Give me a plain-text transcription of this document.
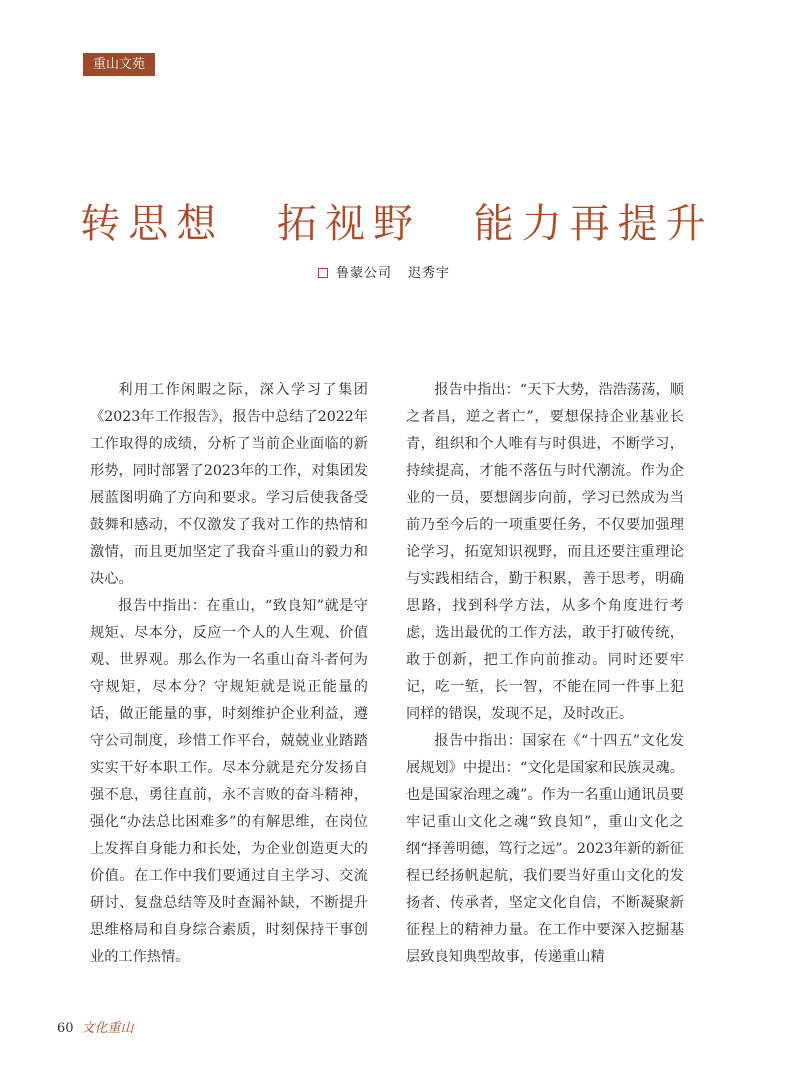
重山文苑
转思想 拓视野 能力再提升
鲁蒙公司 迟秀宇

利用工作闲暇之际，深入学习了集团《2023年工作报告》，报告中总结了2022年工作取得的成绩，分析了当前企业面临的新形势，同时部署了2023年的工作，对集团发展蓝图明确了方向和要求。学习后使我备受鼓舞和感动，不仅激发了我对工作的热情和激情，而且更加坚定了我奋斗重山的毅力和决心。

报告中指出：在重山，“致良知”就是守规矩、尽本分，反应一个人的人生观、价值观、世界观。那么作为一名重山奋斗者何为守规矩，尽本分？守规矩就是说正能量的话，做正能量的事，时刻维护企业利益，遵守公司制度，珍惜工作平台，兢兢业业踏踏实实干好本职工作。尽本分就是充分发扬自强不息，勇往直前，永不言败的奋斗精神，强化“办法总比困难多”的有解思维，在岗位上发挥自身能力和长处，为企业创造更大的价值。在工作中我们要通过自主学习、交流研讨、复盘总结等及时查漏补缺，不断提升思维格局和自身综合素质，时刻保持干事创业的工作热情。

报告中指出：“天下大势，浩浩荡荡，顺之者昌，逆之者亡”，要想保持企业基业长青，组织和个人唯有与时俱进，不断学习，持续提高，才能不落伍与时代潮流。作为企业的一员，要想阔步向前，学习已然成为当前乃至今后的一项重要任务，不仅要加强理论学习，拓宽知识视野，而且还要注重理论与实践相结合，勤于积累，善于思考，明确思路，找到科学方法，从多个角度进行考虑，选出最优的工作方法，敢于打破传统，敢于创新，把工作向前推动。同时还要牢记，吃一堑，长一智，不能在同一件事上犯同样的错误，发现不足，及时改正。

报告中指出：国家在《“十四五”文化发展规划》中提出：“文化是国家和民族灵魂。也是国家治理之魂”。作为一名重山通讯员要牢记重山文化之魂“致良知”，重山文化之纲“择善明德，笃行之远”。2023年新的新征程已经扬帆起航，我们要当好重山文化的发扬者、传承者，坚定文化自信，不断凝聚新征程上的精神力量。在工作中要深入挖掘基层致良知典型故事，传递重山精

60 文化重山
